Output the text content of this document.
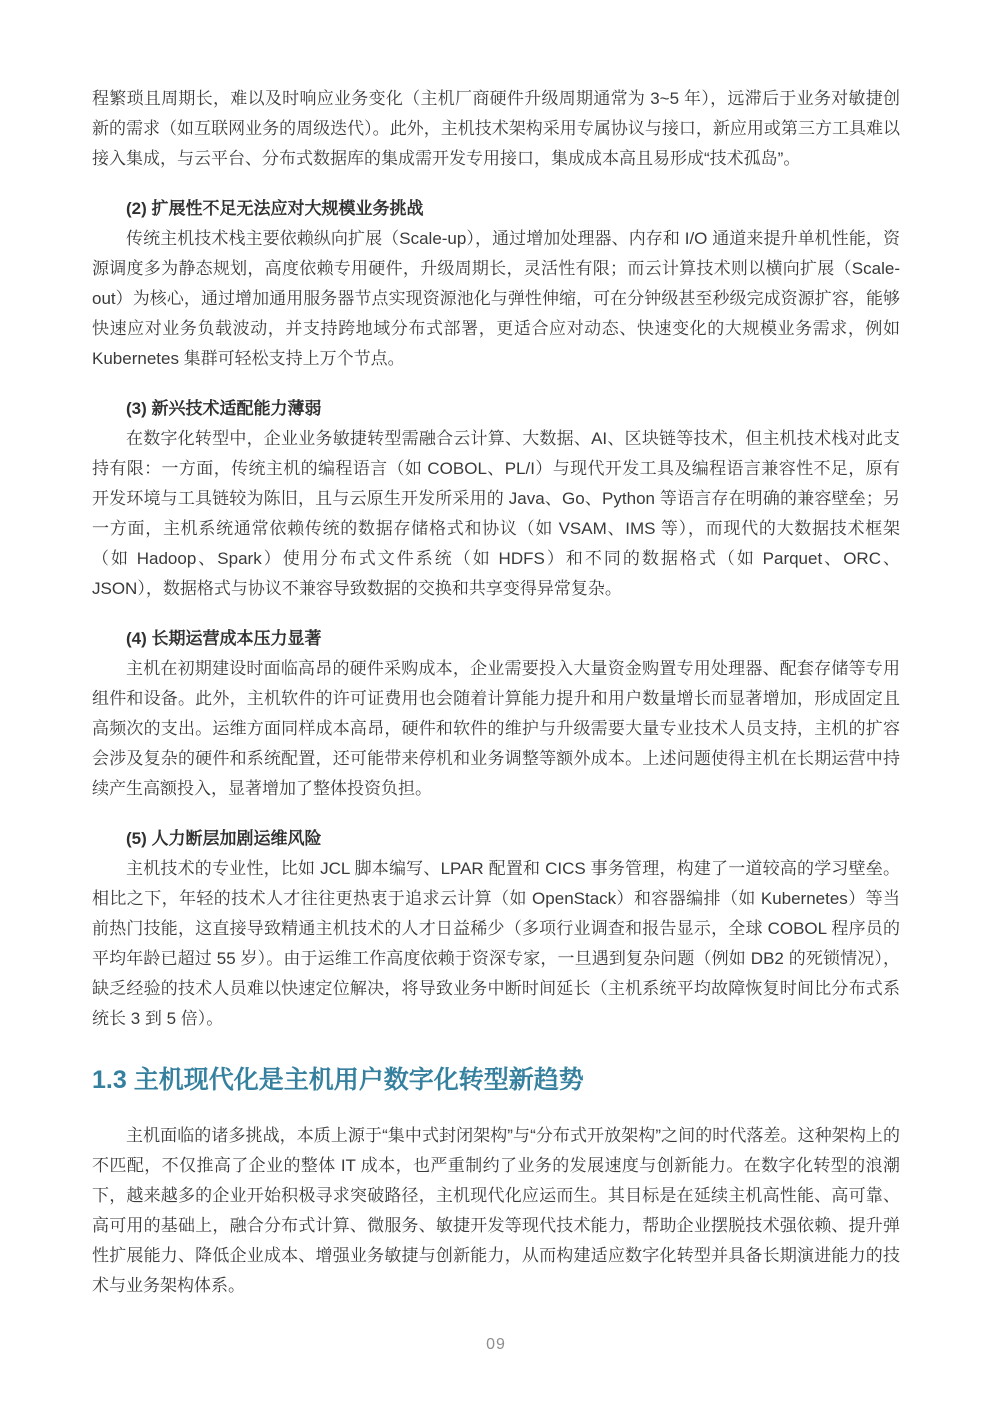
程繁琐且周期长，难以及时响应业务变化（主机厂商硬件升级周期通常为 3~5 年），远滞后于业务对敏捷创新的需求（如互联网业务的周级迭代）。此外，主机技术架构采用专属协议与接口，新应用或第三方工具难以接入集成，与云平台、分布式数据库的集成需开发专用接口，集成成本高且易形成“技术孤岛”。

(2) 扩展性不足无法应对大规模业务挑战

传统主机技术栈主要依赖纵向扩展（Scale-up），通过增加处理器、内存和 I/O 通道来提升单机性能，资源调度多为静态规划，高度依赖专用硬件，升级周期长，灵活性有限；而云计算技术则以横向扩展（Scale-out）为核心，通过增加通用服务器节点实现资源池化与弹性伸缩，可在分钟级甚至秒级完成资源扩容，能够快速应对业务负载波动，并支持跨地域分布式部署，更适合应对动态、快速变化的大规模业务需求，例如 Kubernetes 集群可轻松支持上万个节点。

(3) 新兴技术适配能力薄弱

在数字化转型中，企业业务敏捷转型需融合云计算、大数据、AI、区块链等技术，但主机技术栈对此支持有限：一方面，传统主机的编程语言（如 COBOL、PL/I）与现代开发工具及编程语言兼容性不足，原有开发环境与工具链较为陈旧，且与云原生开发所采用的 Java、Go、Python 等语言存在明确的兼容壁垒；另一方面，主机系统通常依赖传统的数据存储格式和协议（如 VSAM、IMS 等），而现代的大数据技术框架（如 Hadoop、Spark）使用分布式文件系统（如 HDFS）和不同的数据格式（如 Parquet、ORC、JSON），数据格式与协议不兼容导致数据的交换和共享变得异常复杂。

(4) 长期运营成本压力显著

主机在初期建设时面临高昂的硬件采购成本，企业需要投入大量资金购置专用处理器、配套存储等专用组件和设备。此外，主机软件的许可证费用也会随着计算能力提升和用户数量增长而显著增加，形成固定且高频次的支出。运维方面同样成本高昂，硬件和软件的维护与升级需要大量专业技术人员支持，主机的扩容会涉及复杂的硬件和系统配置，还可能带来停机和业务调整等额外成本。上述问题使得主机在长期运营中持续产生高额投入，显著增加了整体投资负担。

(5) 人力断层加剧运维风险

主机技术的专业性，比如 JCL 脚本编写、LPAR 配置和 CICS 事务管理，构建了一道较高的学习壁垒。相比之下，年轻的技术人才往往更热衷于追求云计算（如 OpenStack）和容器编排（如 Kubernetes）等当前热门技能，这直接导致精通主机技术的人才日益稀少（多项行业调查和报告显示，全球 COBOL 程序员的平均年龄已超过 55 岁）。由于运维工作高度依赖于资深专家，一旦遇到复杂问题（例如 DB2 的死锁情况），缺乏经验的技术人员难以快速定位解决，将导致业务中断时间延长（主机系统平均故障恢复时间比分布式系统长 3 到 5 倍）。

1.3 主机现代化是主机用户数字化转型新趋势

主机面临的诸多挑战，本质上源于“集中式封闭架构”与“分布式开放架构”之间的时代落差。这种架构上的不匹配，不仅推高了企业的整体 IT 成本，也严重制约了业务的发展速度与创新能力。在数字化转型的浪潮下，越来越多的企业开始积极寻求突破路径，主机现代化应运而生。其目标是在延续主机高性能、高可靠、高可用的基础上，融合分布式计算、微服务、敏捷开发等现代技术能力，帮助企业摆脱技术强依赖、提升弹性扩展能力、降低企业成本、增强业务敏捷与创新能力，从而构建适应数字化转型并具备长期演进能力的技术与业务架构体系。

09
